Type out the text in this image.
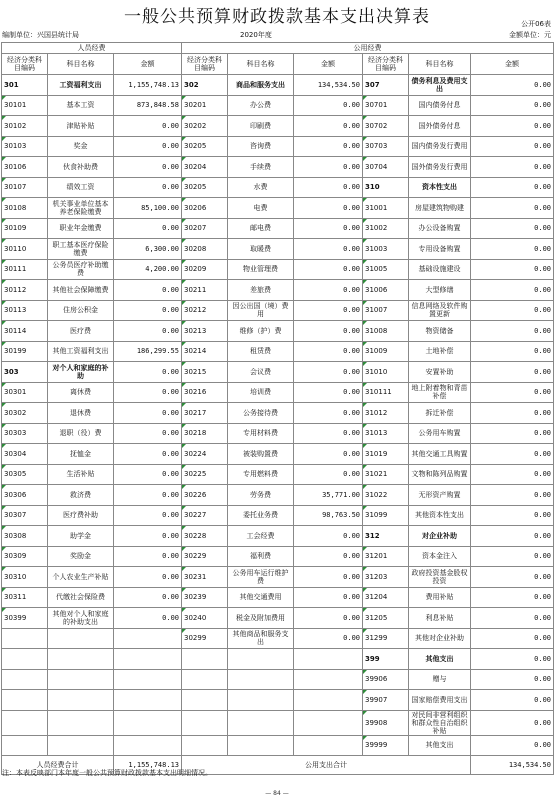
一般公共预算财政拨款基本支出决算表	公开06表
编制单位：兴国县统计局	2020年度	金额单位：元
人员经费			公用经费					
经济分类科目编码	科目名称	金额	经济分类科目编码	科目名称	金额	经济分类科目编码	科目名称	金额
301	工资福利支出	1,155,748.13	302	商品和服务支出	134,534.50	307	债务利息及费用支出	0.00
30101	基本工资	873,848.58	30201	办公费	0.00	30701	国内债务付息	0.00
30102	津贴补贴	0.00	30202	印刷费	0.00	30702	国外债务付息	0.00
30103	奖金	0.00	30205	咨询费	0.00	30703	国内债务发行费用	0.00
30106	伙食补助费	0.00	30204	手续费	0.00	30704	国外债务发行费用	0.00
30107	绩效工资	0.00	30205	水费	0.00	310	资本性支出	0.00
30108	机关事业单位基本养老保险缴费	85,100.00	30206	电费	0.00	31001	房屋建筑物购建	0.00
30109	职业年金缴费	0.00	30207	邮电费	0.00	31002	办公设备购置	0.00
30110	职工基本医疗保险缴费	6,300.00	30208	取暖费	0.00	31003	专用设备购置	0.00
30111	公务员医疗补助缴费	4,200.00	30209	物业管理费	0.00	31005	基础设施建设	0.00
30112	其他社会保障缴费	0.00	30211	差旅费	0.00	31006	大型修缮	0.00
30113	住房公积金	0.00	30212	因公出国（境）费用	0.00	31007	信息网络及软件购置更新	0.00
30114	医疗费	0.00	30213	维修（护）费	0.00	31008	物资储备	0.00
30199	其他工资福利支出	186,299.55	30214	租赁费	0.00	31009	土地补偿	0.00
303	对个人和家庭的补助	0.00	30215	会议费	0.00	31010	安置补助	0.00
30301	离休费	0.00	30216	培训费	0.00	310111	地上附着物和青苗补偿	0.00
30302	退休费	0.00	30217	公务接待费	0.00	31012	拆迁补偿	0.00
30303	退职（役）费	0.00	30218	专用材料费	0.00	31013	公务用车购置	0.00
30304	抚恤金	0.00	30224	被装购置费	0.00	31019	其他交通工具购置	0.00
30305	生活补贴	0.00	30225	专用燃料费	0.00	31021	文物和陈列品购置	0.00
30306	救济费	0.00	30226	劳务费	35,771.00	31022	无形资产购置	0.00
30307	医疗费补助	0.00	30227	委托业务费	98,763.50	31099	其他资本性支出	0.00
30308	助学金	0.00	30228	工会经费	0.00	312	对企业补助	0.00
30309	奖励金	0.00	30229	福利费	0.00	31201	资本金注入	0.00
30310	个人农业生产补贴	0.00	30231	公务用车运行维护费	0.00	31203	政府投资基金股权投资	0.00
30311	代缴社会保险费	0.00	30239	其他交通费用	0.00	31204	费用补贴	0.00
30399	其他对个人和家庭的补助支出	0.00	30240	税金及附加费用	0.00	31205	利息补贴	0.00
			30299	其他商品和服务支出	0.00	31299	其他对企业补助	0.00
						399	其他支出	0.00
						39906	赠与	0.00
						39907	国家赔偿费用支出	0.00
						39908	对民间非营利组织和群众性自治组织补贴	0.00
						39999	其他支出	0.00
人员经费合计		1,155,748.13	公用支出合计					134,534.50
注：本表反映部门本年度一般公共预算财政拨款基本支出明细情况。
— 84 —
